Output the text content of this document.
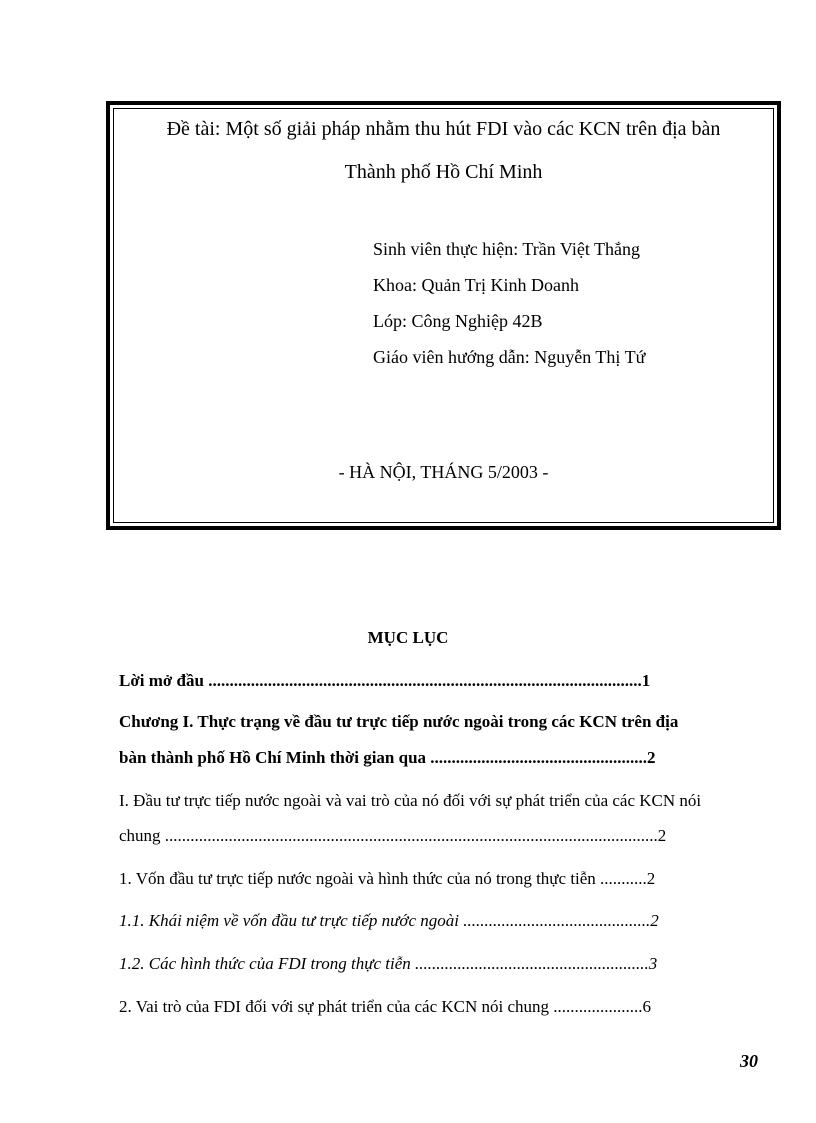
Đề tài: Một số giải pháp nhằm thu hút FDI vào các KCN trên địa bàn
Thành phố Hồ Chí Minh
Sinh viên thực hiện: Trần Việt Thắng
Khoa: Quản Trị Kinh Doanh
Lóp: Công Nghiệp 42B
Giáo viên hướng dẫn: Nguyễn Thị Tứ
- HÀ NỘI, THÁNG 5/2003 -
MỤC LỤC
Lời mở đầu ......................................................................................................1
Chương I. Thực trạng về đầu tư trực tiếp nước ngoài trong các KCN trên địa
bàn thành phố Hồ Chí Minh thời gian qua ...................................................2
I. Đầu tư trực tiếp nước ngoài và vai trò của nó đối với sự phát triển của các KCN nói
chung ....................................................................................................................2
1. Vốn đầu tư trực tiếp nước ngoài và hình thức của nó trong thực tiễn ...........2
1.1. Khái niệm về vốn đầu tư trực tiếp nước ngoài ............................................2
1.2. Các hình thức của FDI trong thực tiễn .......................................................3
2. Vai trò của FDI đối với sự phát triển của các KCN nói chung .....................6
30
